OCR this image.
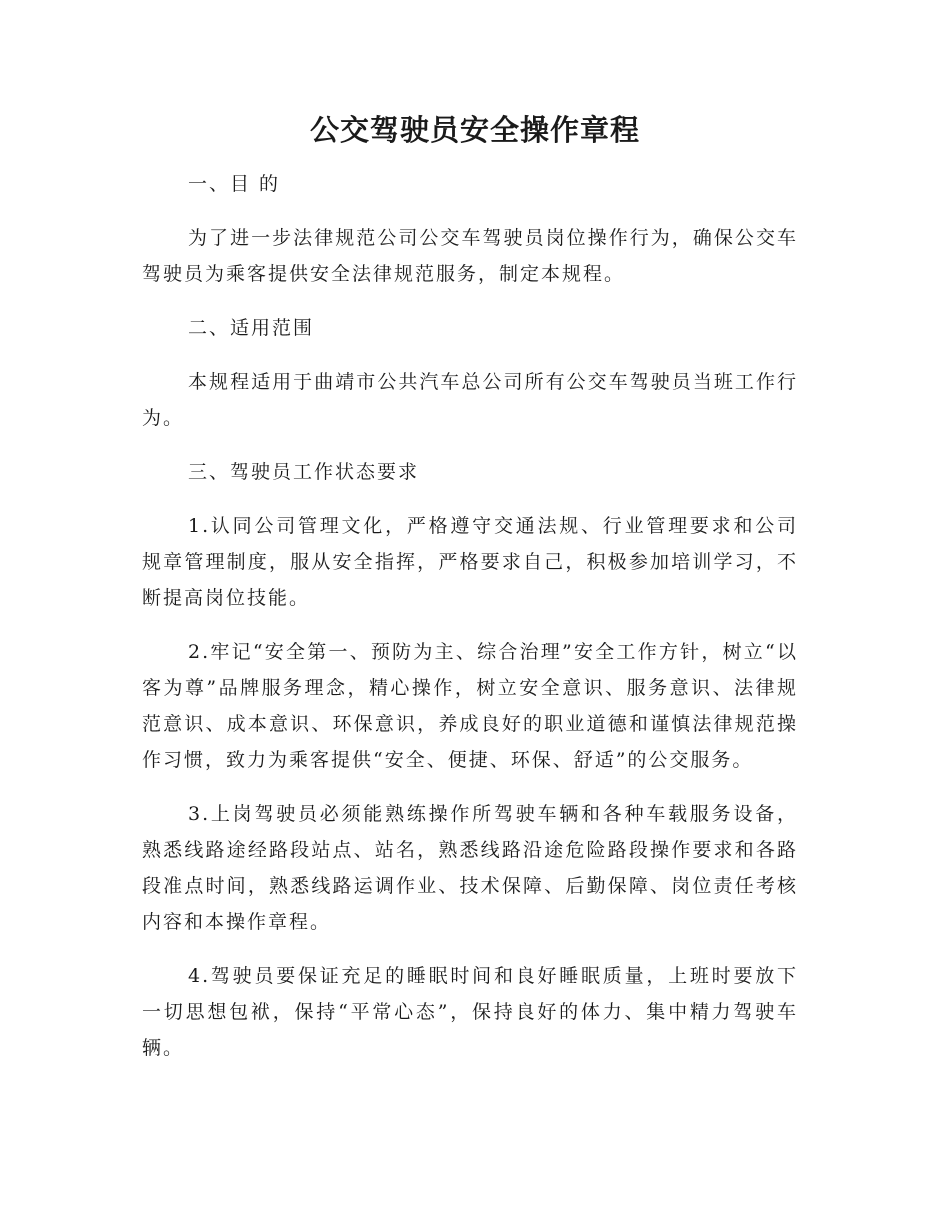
公交驾驶员安全操作章程

一、目 的

为了进一步法律规范公司公交车驾驶员岗位操作行为，确保公交车驾驶员为乘客提供安全法律规范服务，制定本规程。

二、适用范围

本规程适用于曲靖市公共汽车总公司所有公交车驾驶员当班工作行为。

三、驾驶员工作状态要求

1.认同公司管理文化，严格遵守交通法规、行业管理要求和公司规章管理制度，服从安全指挥，严格要求自己，积极参加培训学习，不断提高岗位技能。

2.牢记“安全第一、预防为主、综合治理”安全工作方针，树立“以客为尊”品牌服务理念，精心操作，树立安全意识、服务意识、法律规范意识、成本意识、环保意识，养成良好的职业道德和谨慎法律规范操作习惯，致力为乘客提供“安全、便捷、环保、舒适”的公交服务。

3.上岗驾驶员必须能熟练操作所驾驶车辆和各种车载服务设备，熟悉线路途经路段站点、站名，熟悉线路沿途危险路段操作要求和各路段准点时间，熟悉线路运调作业、技术保障、后勤保障、岗位责任考核内容和本操作章程。

4.驾驶员要保证充足的睡眠时间和良好睡眠质量，上班时要放下一切思想包袱，保持“平常心态”，保持良好的体力、集中精力驾驶车辆。
